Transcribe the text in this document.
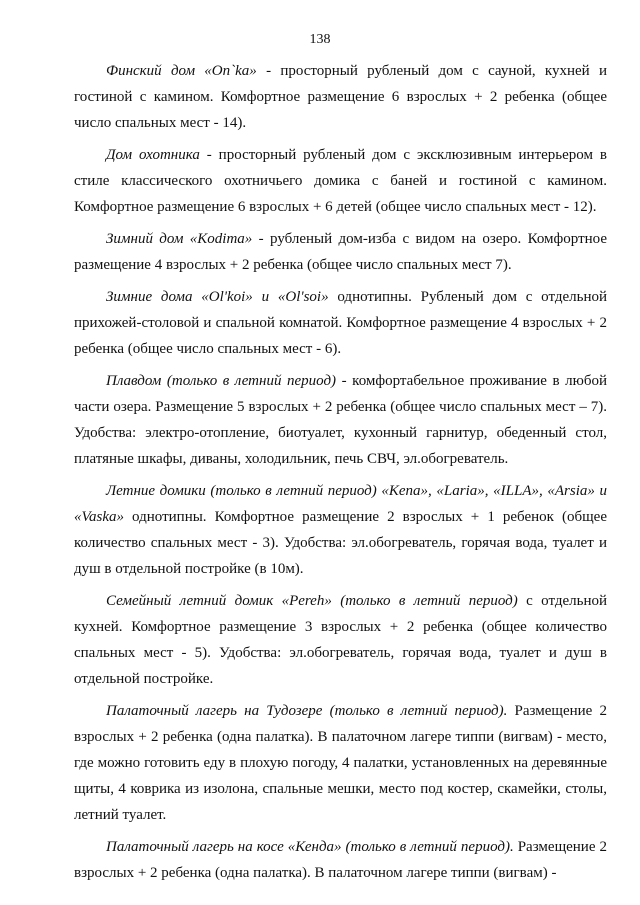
138

Финский дом «On`ka» - просторный рубленый дом с сауной, кухней и гостиной с камином. Комфортное размещение 6 взрослых + 2 ребенка (общее число спальных мест - 14).

Дом охотника - просторный рубленый дом с эксклюзивным интерьером в стиле классического охотничьего домика с баней и гостиной с камином. Комфортное размещение 6 взрослых + 6 детей (общее число спальных мест - 12).

Зимний дом «Kodima» - рубленый дом-изба с видом на озеро. Комфортное размещение 4 взрослых + 2 ребенка (общее число спальных мест 7).

Зимние дома «Ol'koi» и «Ol'soi» однотипны. Рубленый дом с отдельной прихожей-столовой и спальной комнатой. Комфортное размещение 4 взрослых + 2 ребенка (общее число спальных мест - 6).

Плавдом (только в летний период) - комфортабельное проживание в любой части озера. Размещение 5 взрослых + 2 ребенка (общее число спальных мест – 7). Удобства: электро-отопление, биотуалет, кухонный гарнитур, обеденный стол, платяные шкафы, диваны, холодильник, печь СВЧ, эл.обогреватель.

Летние домики (только в летний период) «Kena», «Laria», «ILLA», «Arsia» и «Vaska» однотипны. Комфортное размещение 2 взрослых + 1 ребенок (общее количество спальных мест - 3). Удобства: эл.обогреватель, горячая вода, туалет и душ в отдельной постройке (в 10м).

Семейный летний домик «Pereh» (только в летний период) с отдельной кухней. Комфортное размещение 3 взрослых + 2 ребенка (общее количество спальных мест - 5). Удобства: эл.обогреватель, горячая вода, туалет и душ в отдельной постройке.

Палаточный лагерь на Тудозере (только в летний период). Размещение 2 взрослых + 2 ребенка (одна палатка). В палаточном лагере типпи (вигвам) - место, где можно готовить еду в плохую погоду, 4 палатки, установленных на деревянные щиты, 4 коврика из изолона, спальные мешки, место под костер, скамейки, столы, летний туалет.

Палаточный лагерь на косе «Кенда» (только в летний период). Размещение 2 взрослых + 2 ребенка (одна палатка). В палаточном лагере типпи (вигвам) -
